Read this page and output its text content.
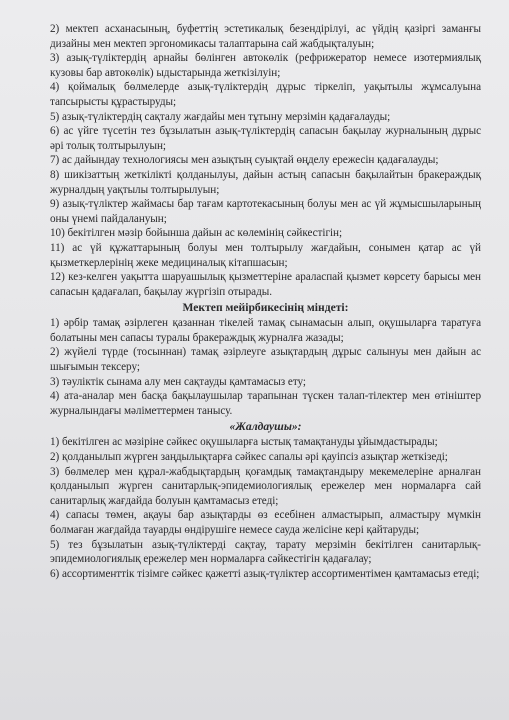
2) мектеп асханасының, буфеттің эстетикалық безендірілуі, ас үйдің қазіргі заманғы дизайны мен мектеп эргономикасы талаптарына сай жабдықталуын;

3) азық-түліктердің арнайы бөлінген автокөлік (рефрижератор немесе изотермиялық кузовы бар автокөлік) ыдыстарында жеткізілуін;

4) қоймалық бөлмелерде азық-түліктердің дұрыс тіркеліп, уақытылы жұмсалуына тапсырысты құрастыруды;

5) азық-түліктердің сақталу жағдайы мен тұтыну мерзімін қадағалауды;

6) ас үйге түсетін тез бұзылатын азық-түліктердің сапасын бақылау журналының дұрыс әрі толық толтырылуын;

7) ас дайындау технологиясы мен азықтың суықтай өңделу ережесін қадағалауды;

8) шикізаттың жеткілікті қолданылуы, дайын астың сапасын бақылайтын бракераждық журналдың уақтылы толтырылуын;

9) азық-түліктер жаймасы бар тағам картотекасының болуы мен ас үй жұмысшыларының оны үнемі пайдалануын;

10) бекітілген мәзір бойынша дайын ас көлемінің сәйкестігін;

11) ас үй құжаттарының болуы мен толтырылу жағдайын, сонымен қатар ас үй қызметкерлерінің жеке медициналық кітапшасын;

12) кез-келген уақытта шаруашылық қызметтеріне араласпай қызмет көрсету барысы мен сапасын қадағалап, бақылау жүргізіп отырады.

Мектеп мейірбикесінің міндеті:

1) әрбір тамақ әзірлеген қазаннан тікелей тамақ сынамасын алып, оқушыларға таратуға болатыны мен сапасы туралы бракераждық журналға жазады;

2) жүйелі түрде (тосыннан) тамақ әзірлеуге азықтардың дұрыс салынуы мен дайын ас шығымын тексеру;

3) тәуліктік сынама алу мен сақтауды қамтамасыз ету;

4) ата-аналар мен басқа бақылаушылар тарапынан түскен талап-тілектер мен өтініштер журналындағы мәліметтермен танысу.

«Жалдаушы»:

1) бекітілген ас мәзіріне сәйкес оқушыларға ыстық тамақтануды ұйымдастырады;

2) қолданылып жүрген заңдылықтарға сәйкес сапалы әрі қауіпсіз азықтар жеткізеді;

3) бөлмелер мен құрал-жабдықтардың қоғамдық тамақтандыру мекемелеріне арналған қолданылып жүрген санитарлық-эпидемиологиялық ережелер мен нормаларға сай санитарлық жағдайда болуын қамтамасыз етеді;

4) сапасы төмен, ақауы бар азықтарды өз есебінен алмастырып, алмастыру мүмкін болмаған жағдайда тауарды өндірушіге немесе сауда желісіне кері қайтаруды;

5) тез бұзылатын азық-түліктерді сақтау, тарату мерзімін бекітілген санитарлық-эпидемиологиялық ережелер мен нормаларға сәйкестігін қадағалау;

6) ассортименттік тізімге сәйкес қажетті азық-түліктер ассортиментімен қамтамасыз етеді;
